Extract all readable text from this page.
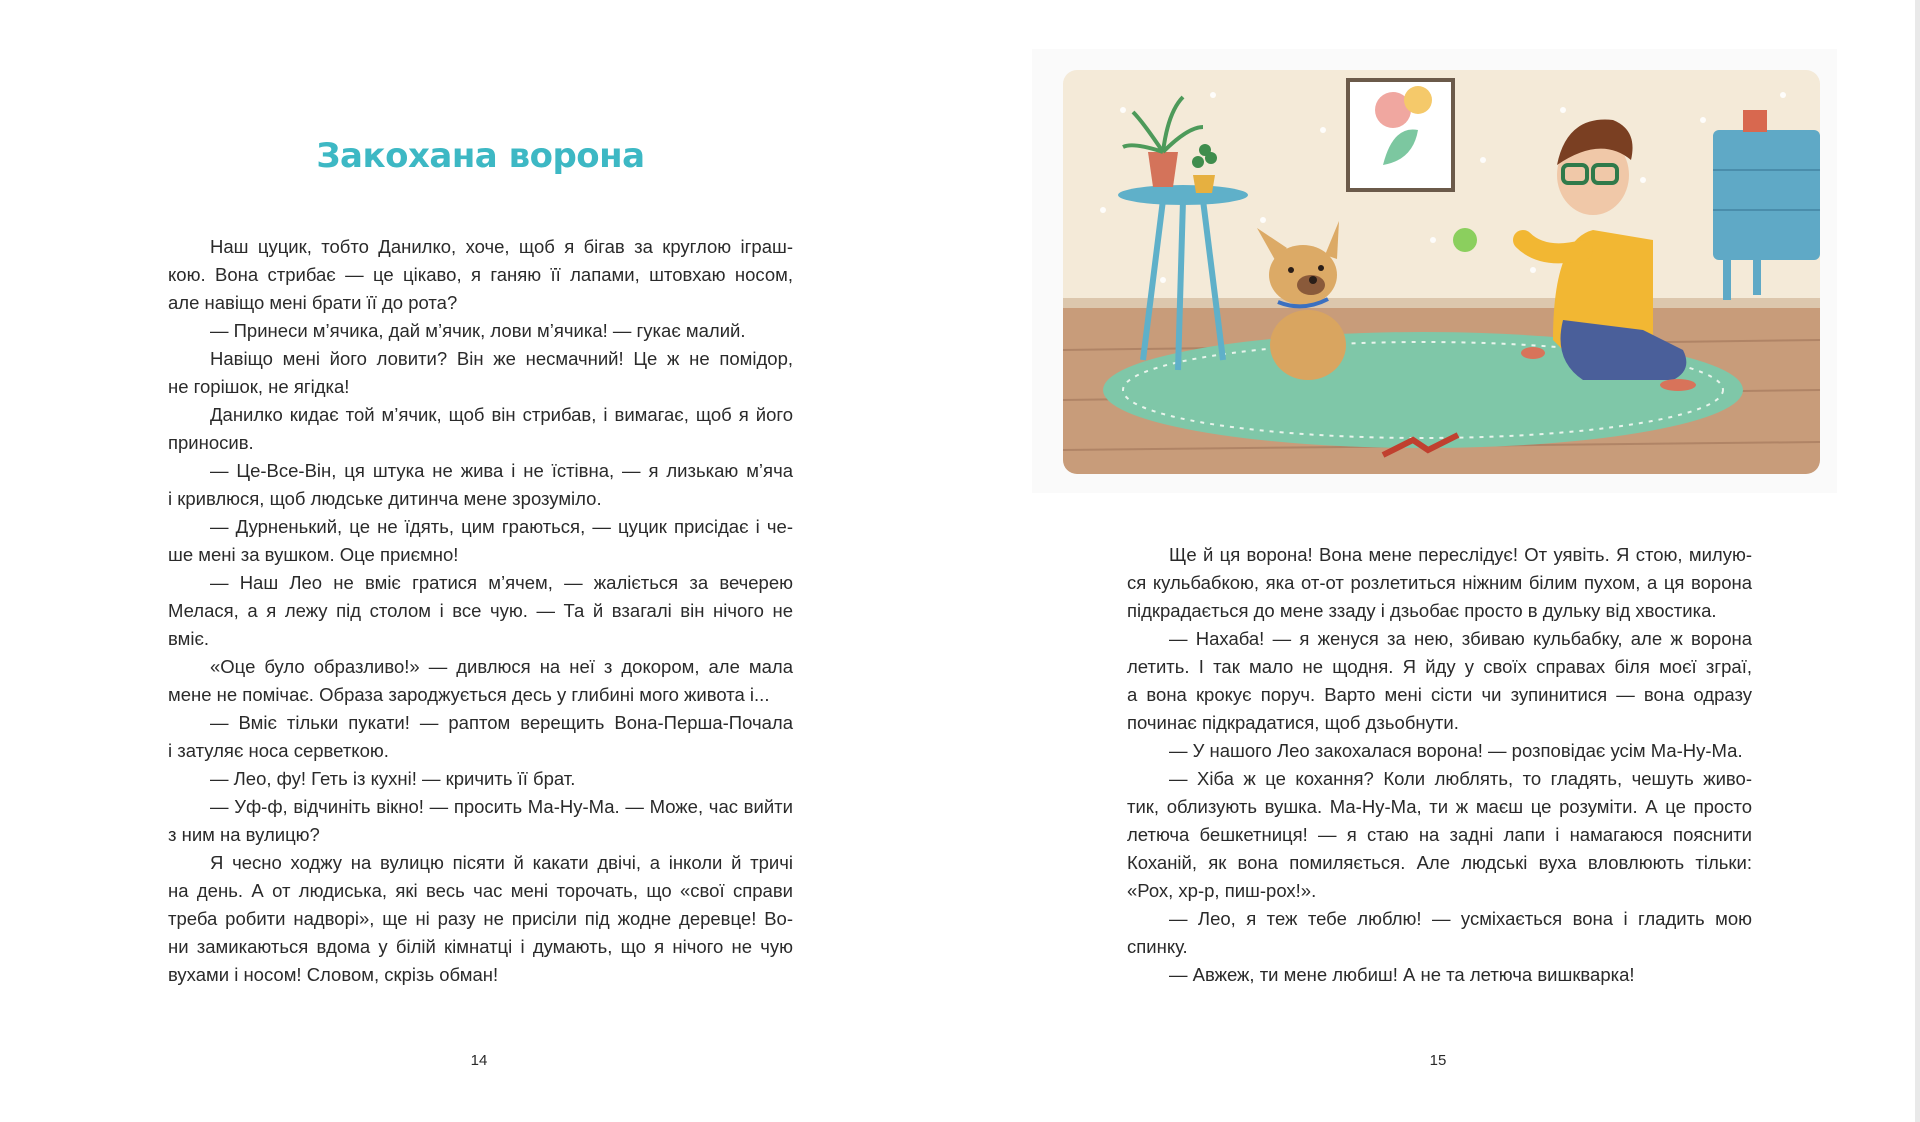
Закохана ворона
Наш цуцик, тобто Данилко, хоче, щоб я бігав за круглою іграш-
кою. Вона стрибає — це цікаво, я ганяю її лапами, штовхаю носом,
але навіщо мені брати її до рота?
— Принеси м’ячика, дай м’ячик, лови м’ячика! — гукає малий.
Навіщо мені його ловити? Він же несмачний! Це ж не помідор,
не горішок, не ягідка!
Данилко кидає той м’ячик, щоб він стрибав, і вимагає, щоб я його
приносив.
— Це-Все-Він, ця штука не жива і не їстівна, — я лизькаю м’яча
і кривлюся, щоб людське дитинча мене зрозуміло.
— Дурненький, це не їдять, цим граються, — цуцик присідає і че-
ше мені за вушком. Оце приємно!
— Наш Лео не вміє гратися м’ячем, — жаліється за вечерею
Мелася, а я лежу під столом і все чую. — Та й взагалі він нічого не
вміє.
«Оце було образливо!» — дивлюся на неї з докором, але мала
мене не помічає. Образа зароджується десь у глибині мого живота і...
— Вміє тільки пукати! — раптом верещить Вона-Перша-Почала
і затуляє носа серветкою.
— Лео, фу! Геть із кухні! — кричить її брат.
— Уф-ф, відчиніть вікно! — просить Ма-Ну-Ма. — Може, час вийти
з ним на вулицю?
Я чесно ходжу на вулицю пісяти й какати двічі, а інколи й тричі
на день. А от людиська, які весь час мені торочать, що «свої справи
треба робити надворі», ще ні разу не присіли під жодне деревце! Во-
ни замикаються вдома у білій кімнатці і думають, що я нічого не чую
вухами і носом! Словом, скрізь обман!
14
Ще й ця ворона! Вона мене переслідує! От уявіть. Я стою, милую-
ся кульбабкою, яка от-от розлетиться ніжним білим пухом, а ця ворона
підкрадається до мене ззаду і дзьобає просто в дульку від хвостика.
— Нахаба! — я женуся за нею, збиваю кульбабку, але ж ворона
летить. І так мало не щодня. Я йду у своїх справах біля моєї зграї,
а вона крокує поруч. Варто мені сісти чи зупинитися — вона одразу
починає підкрадатися, щоб дзьобнути.
— У нашого Лео закохалася ворона! — розповідає усім Ма-Ну-Ма.
— Хіба ж це кохання? Коли люблять, то гладять, чешуть живо-
тик, облизують вушка. Ма-Ну-Ма, ти ж маєш це розуміти. А це просто
летюча бешкетниця! — я стаю на задні лапи і намагаюся пояснити
Коханій, як вона помиляється. Але людські вуха вловлюють тільки:
«Рох, хр-р, пиш-рох!».
— Лео, я теж тебе люблю! — усміхається вона і гладить мою
спинку.
— Авжеж, ти мене любиш! А не та летюча вишкварка!
15
